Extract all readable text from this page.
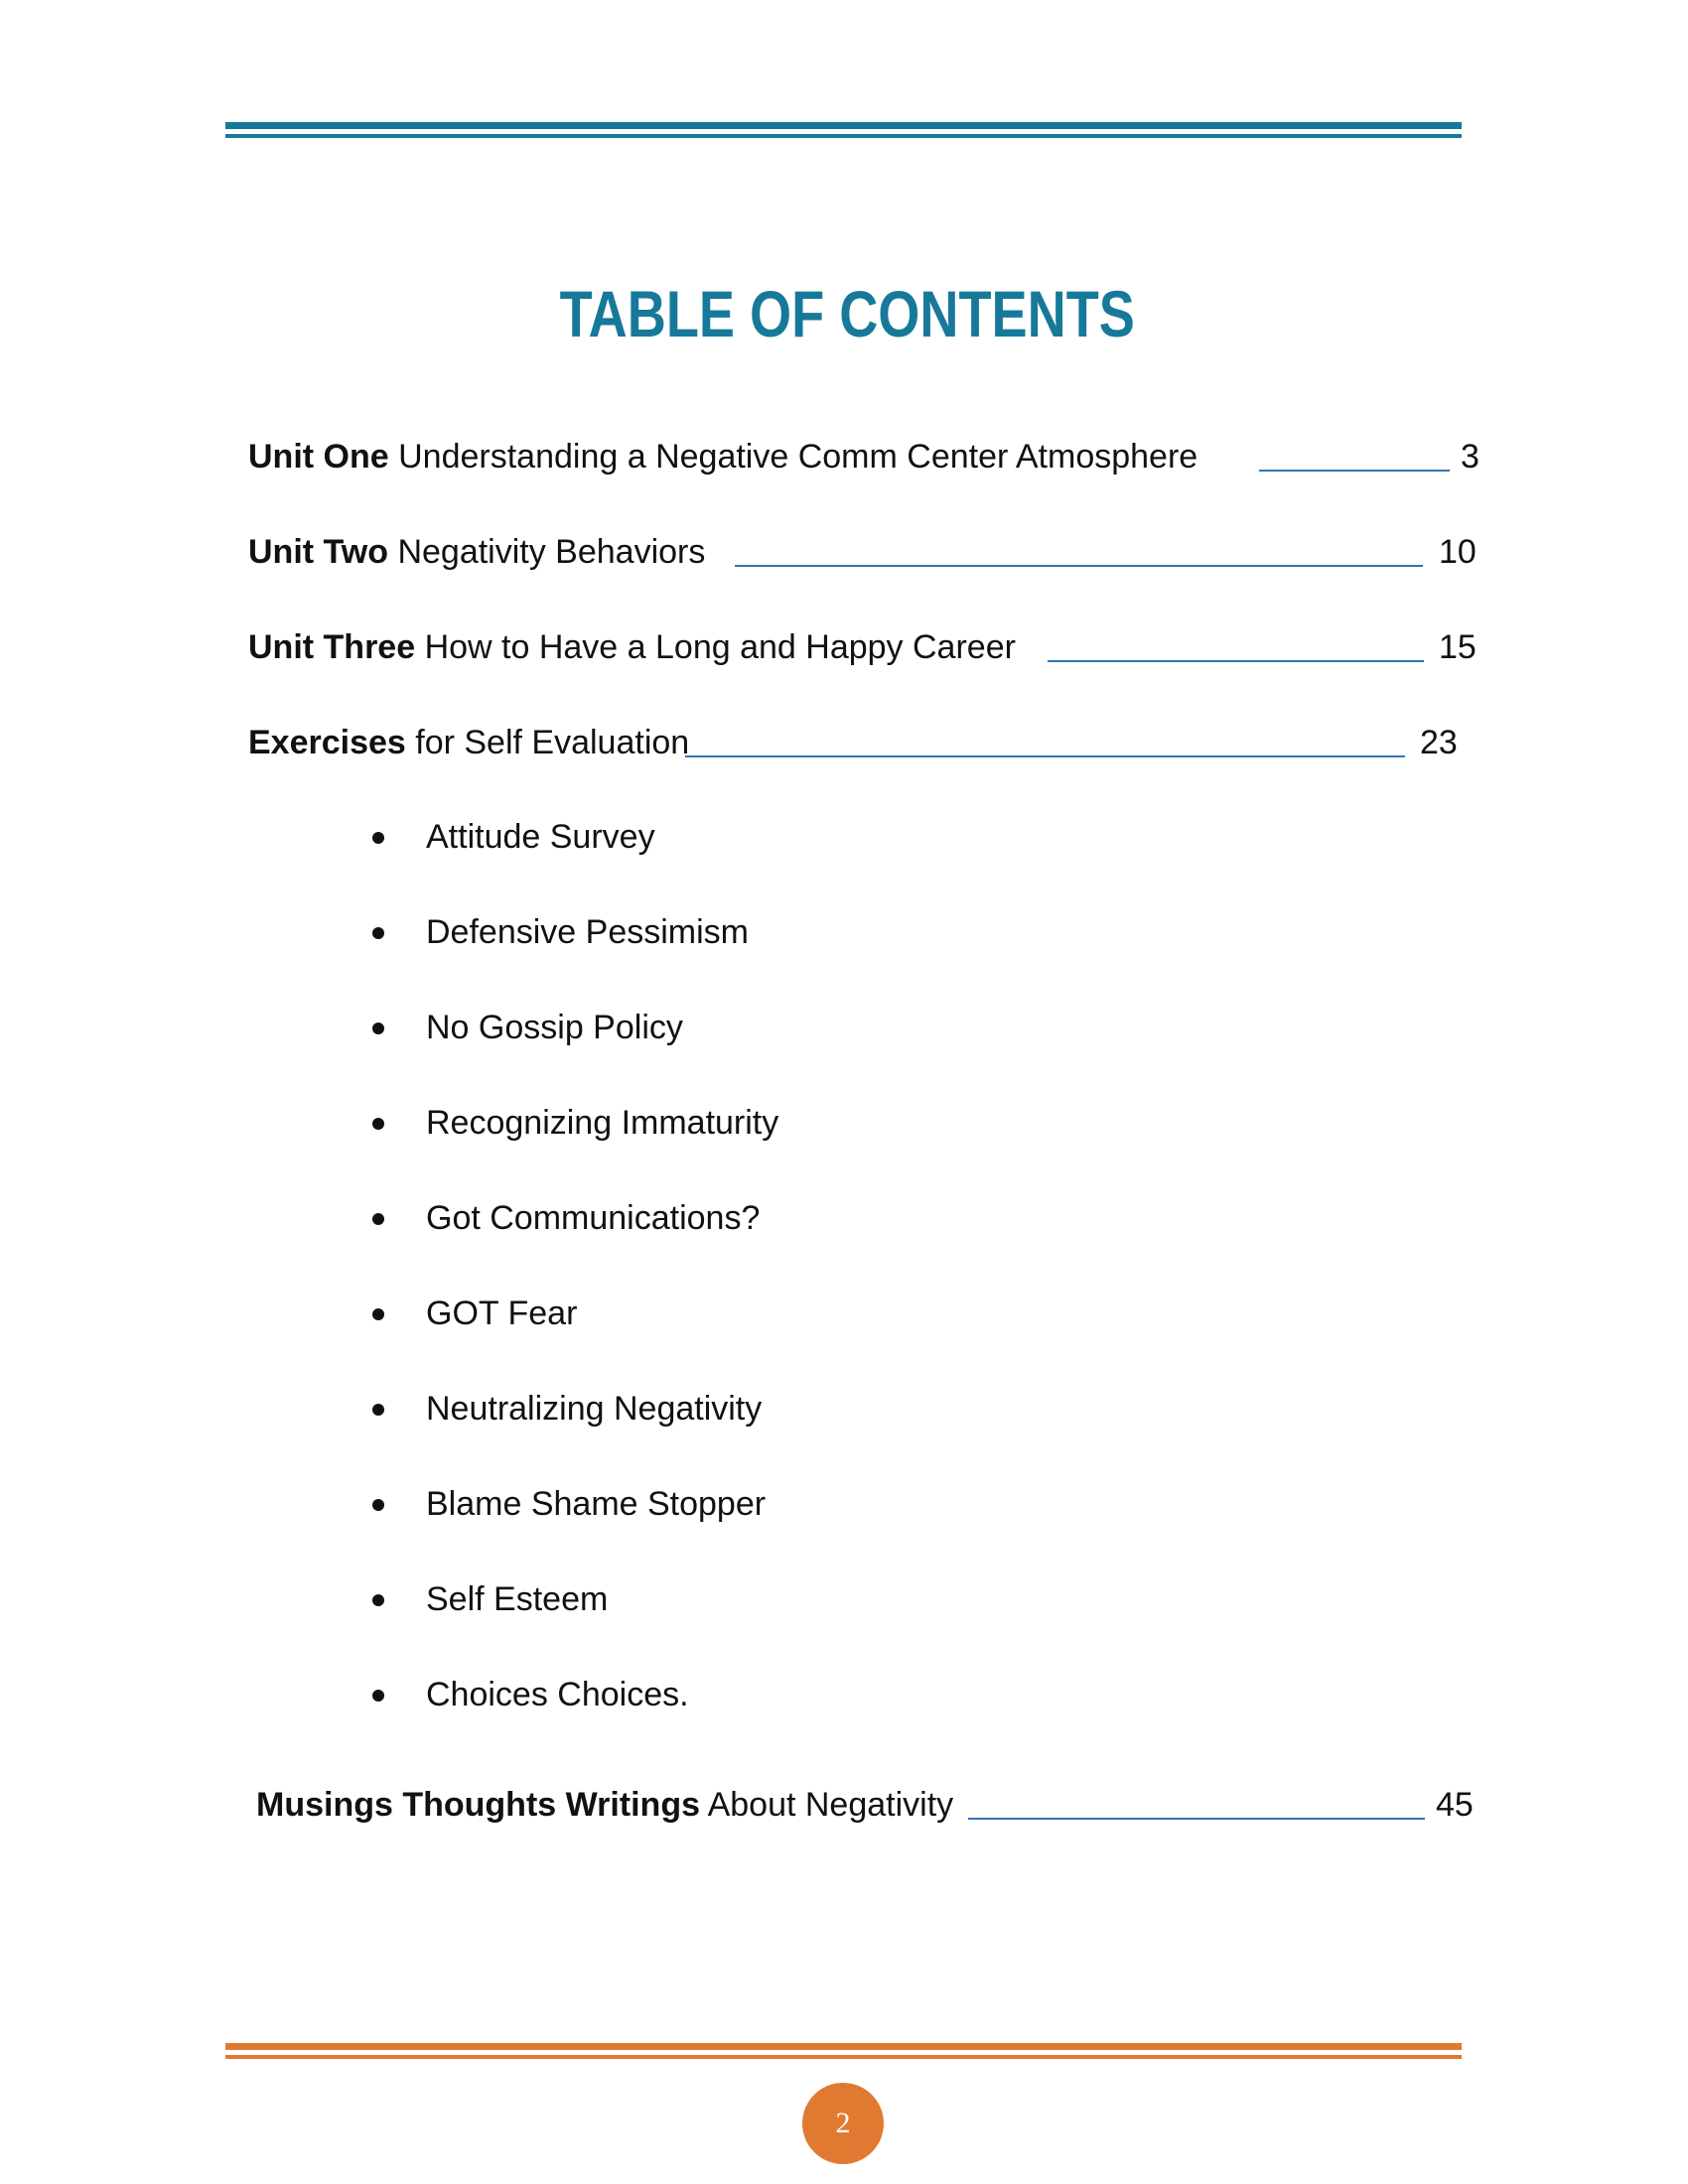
TABLE OF CONTENTS
Unit One Understanding a Negative Comm Center Atmosphere	3
Unit Two Negativity Behaviors	10
Unit Three How to Have a Long and Happy Career	15
Exercises for Self Evaluation	23
Attitude Survey
Defensive Pessimism
No Gossip Policy
Recognizing Immaturity
Got Communications?
GOT Fear
Neutralizing Negativity
Blame Shame Stopper
Self Esteem
Choices Choices.
Musings Thoughts Writings About Negativity	45
2
